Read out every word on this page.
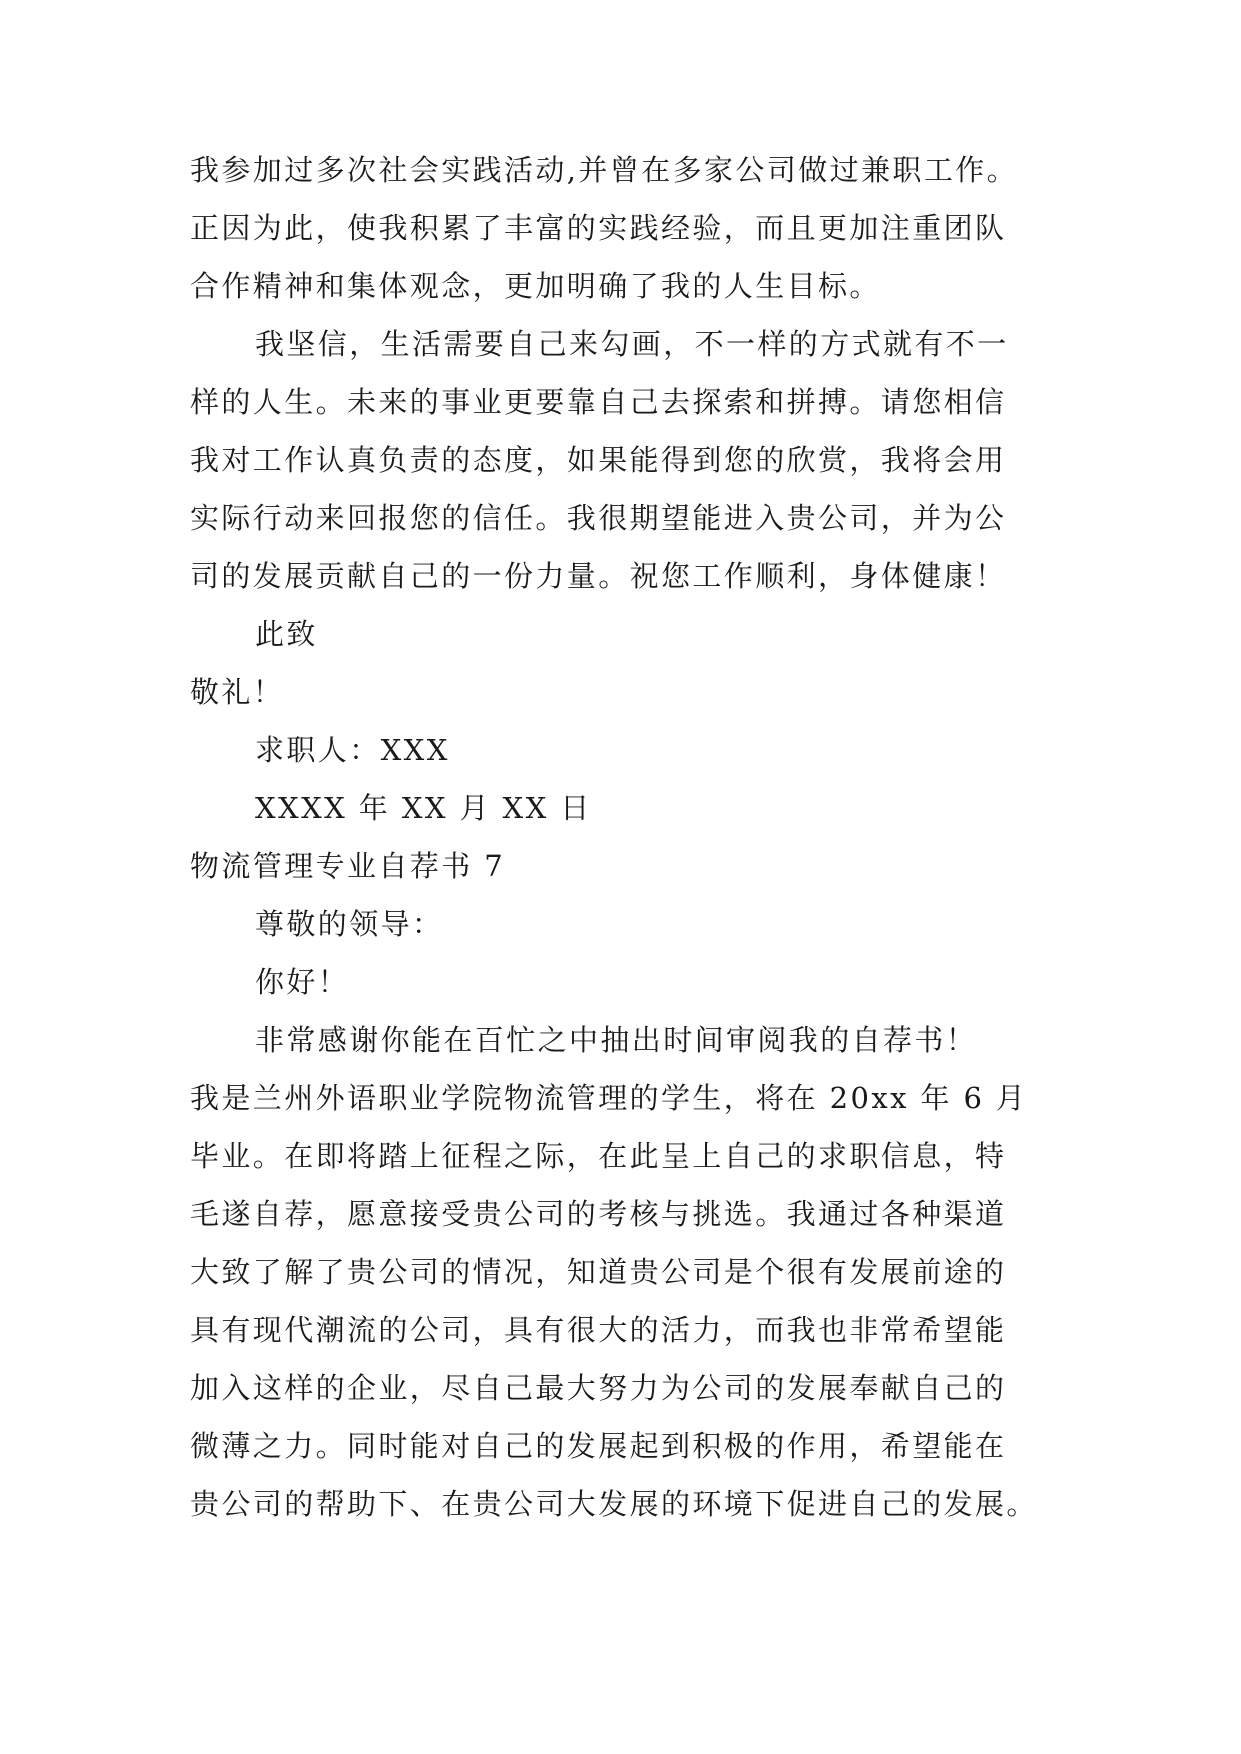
我参加过多次社会实践活动,并曾在多家公司做过兼职工作。
正因为此，使我积累了丰富的实践经验，而且更加注重团队
合作精神和集体观念，更加明确了我的人生目标。
我坚信，生活需要自己来勾画，不一样的方式就有不一
样的人生。未来的事业更要靠自己去探索和拼搏。请您相信
我对工作认真负责的态度，如果能得到您的欣赏，我将会用
实际行动来回报您的信任。我很期望能进入贵公司，并为公
司的发展贡献自己的一份力量。祝您工作顺利，身体健康！
此致
敬礼！
求职人：XXX
XXXX 年 XX 月 XX 日
物流管理专业自荐书 7
尊敬的领导：
你好！
非常感谢你能在百忙之中抽出时间审阅我的自荐书！
我是兰州外语职业学院物流管理的学生，将在 20xx 年 6 月
毕业。在即将踏上征程之际，在此呈上自己的求职信息，特
毛遂自荐，愿意接受贵公司的考核与挑选。我通过各种渠道
大致了解了贵公司的情况，知道贵公司是个很有发展前途的
具有现代潮流的公司，具有很大的活力，而我也非常希望能
加入这样的企业，尽自己最大努力为公司的发展奉献自己的
微薄之力。同时能对自己的发展起到积极的作用，希望能在
贵公司的帮助下、在贵公司大发展的环境下促进自己的发展。
